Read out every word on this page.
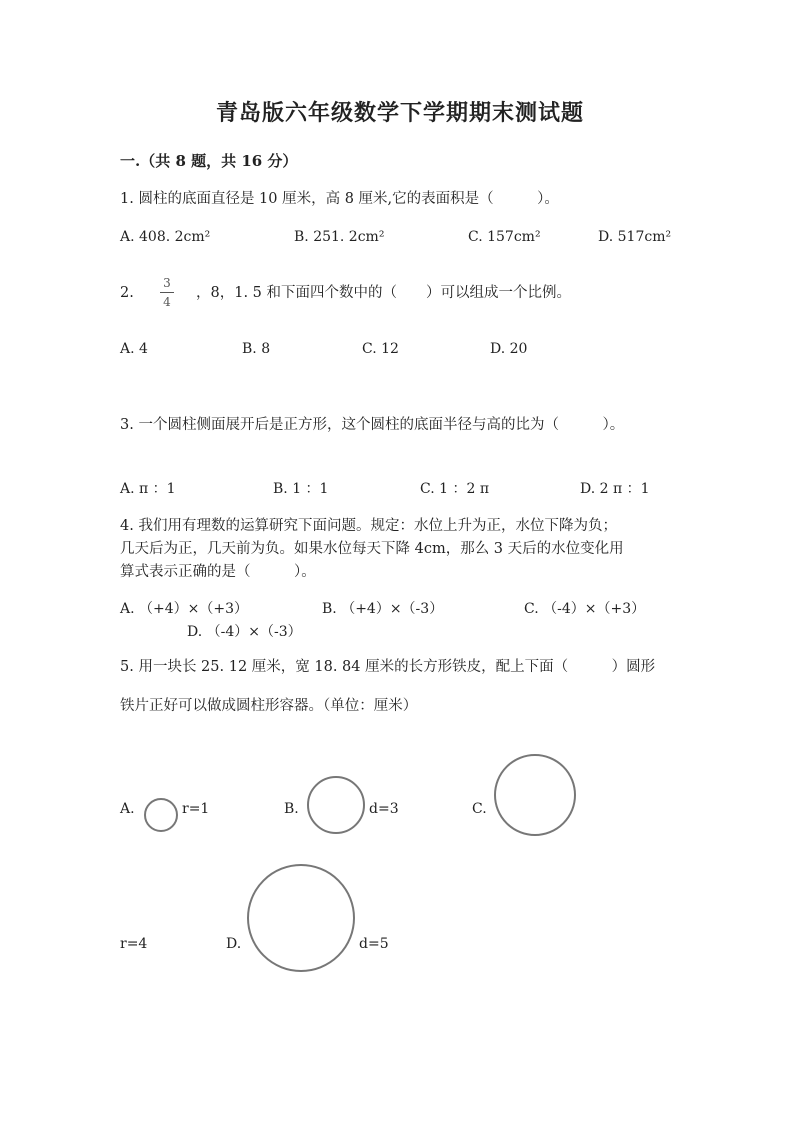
青岛版六年级数学下学期期末测试题
一.（共 8 题，共 16 分）
1. 圆柱的底面直径是 10 厘米，高 8 厘米,它的表面积是（　　　）。
A. 408. 2cm²	B. 251. 2cm²	C. 157cm²	D. 517cm²
2.
3
4
，8，1. 5 和下面四个数中的（　　）可以组成一个比例。
A. 4	B. 8	C. 12	D. 20
3. 一个圆柱侧面展开后是正方形，这个圆柱的底面半径与高的比为（　　　）。
A. π ：1	B. 1 ：1	C. 1 ：2 π	D. 2 π ：1
4. 我们用有理数的运算研究下面问题。规定：水位上升为正，水位下降为负；
几天后为正，几天前为负。如果水位每天下降 4cm，那么 3 天后的水位变化用
算式表示正确的是（　　　）。
A. （+4）×（+3）	B. （+4）×（-3）	C. （-4）×（+3）
D. （-4）×（-3）
5. 用一块长 25. 12 厘米，宽 18. 84 厘米的长方形铁皮，配上下面（　　　）圆形
铁片正好可以做成圆柱形容器。（单位：厘米）
A.	r=1	B.	d=3	C.
r=4	D.	d=5
